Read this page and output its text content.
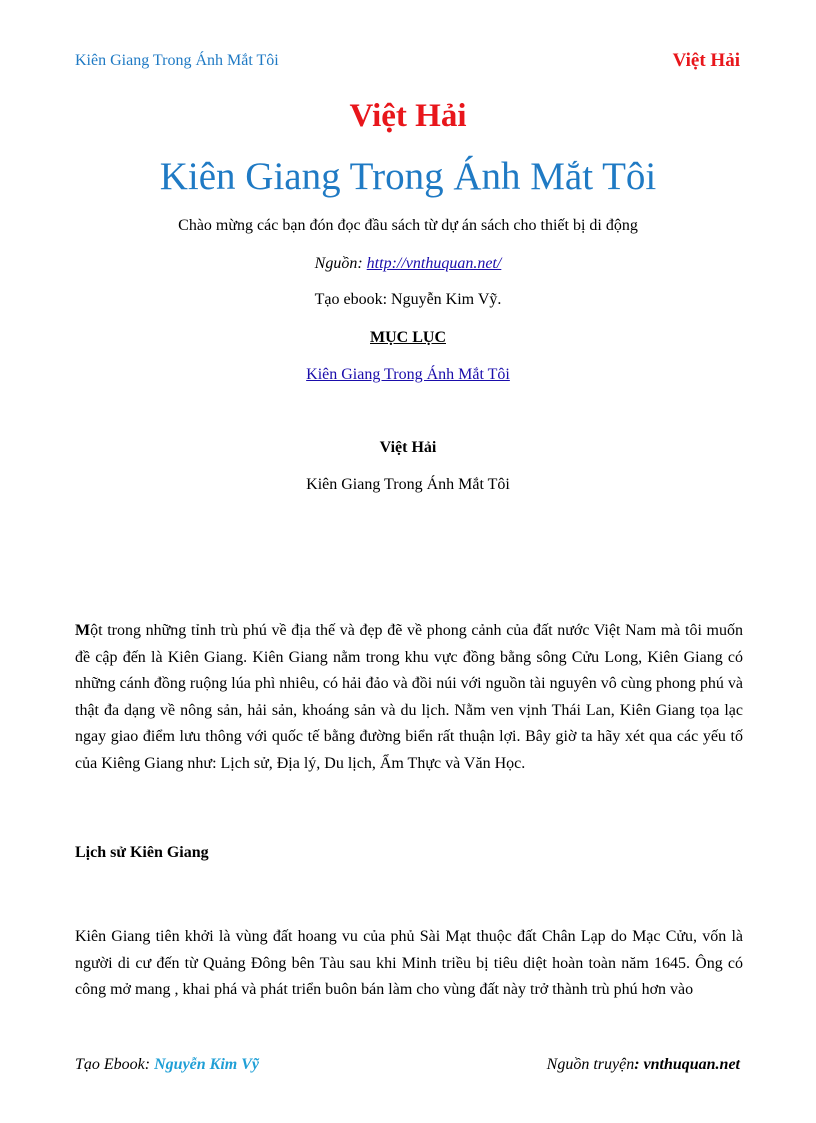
Kiên Giang Trong Ánh Mắt Tôi	Việt Hải
Việt Hải
Kiên Giang Trong Ánh Mắt Tôi
Chào mừng các bạn đón đọc đầu sách từ dự án sách cho thiết bị di động
Nguồn: http://vnthuquan.net/
Tạo ebook: Nguyễn Kim Vỹ.
MỤC LỤC
Kiên Giang Trong Ánh Mắt Tôi
Việt Hải
Kiên Giang Trong Ánh Mắt Tôi
Một trong những tỉnh trù phú về địa thế và đẹp đẽ về phong cảnh của đất nước Việt Nam mà tôi muốn đề cập đến là Kiên Giang. Kiên Giang nằm trong khu vực đồng bằng sông Cửu Long, Kiên Giang có những cánh đồng ruộng lúa phì nhiêu, có hải đảo và đồi núi với nguồn tài nguyên vô cùng phong phú và thật đa dạng về nông sản, hải sản, khoáng sản và du lịch. Nằm ven vịnh Thái Lan, Kiên Giang tọa lạc ngay giao điểm lưu thông với quốc tế bằng đường biển rất thuận lợi. Bây giờ ta hãy xét qua các yếu tố của Kiêng Giang như: Lịch sử, Địa lý, Du lịch, Ẩm Thực và Văn Học.
Lịch sử Kiên Giang
Kiên Giang tiên khởi là vùng đất hoang vu của phủ Sài Mạt thuộc đất Chân Lạp do Mạc Cửu, vốn là người di cư đến từ Quảng Đông bên Tàu sau khi Minh triều bị tiêu diệt hoàn toàn năm 1645. Ông có công mở mang , khai phá và phát triển buôn bán làm cho vùng đất này trở thành trù phú hơn vào
Tạo Ebook: Nguyễn Kim Vỹ	Nguồn truyện: vnthuquan.net
